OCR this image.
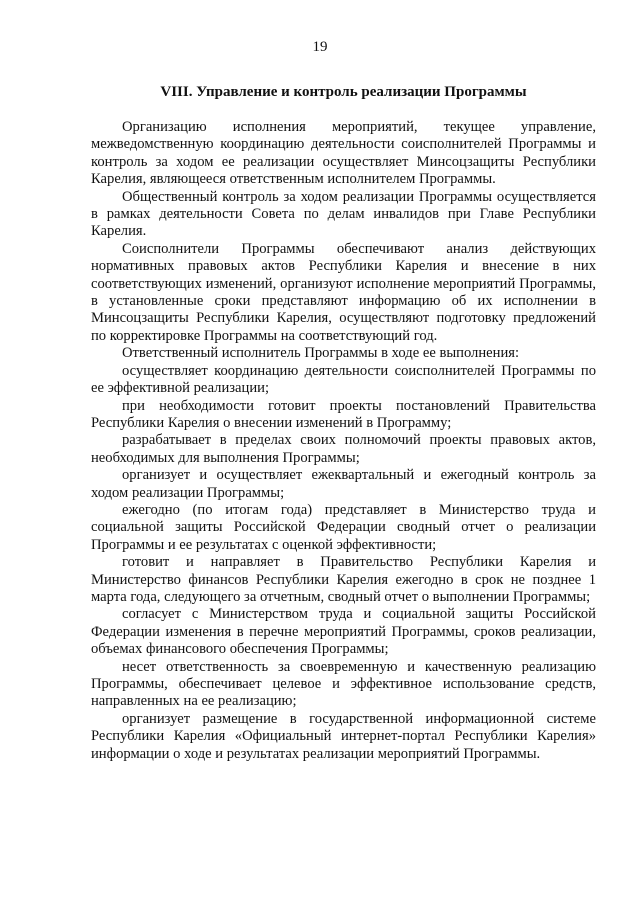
19
VIII. Управление и контроль реализации Программы

Организацию исполнения мероприятий, текущее управление, межведомственную координацию деятельности соисполнителей Программы и контроль за ходом ее реализации осуществляет Минсоцзащиты Республики Карелия, являющееся ответственным исполнителем Программы.

Общественный контроль за ходом реализации Программы осуществляется в рамках деятельности Совета по делам инвалидов при Главе Республики Карелия.

Соисполнители Программы обеспечивают анализ действующих нормативных правовых актов Республики Карелия и внесение в них соответствующих изменений, организуют исполнение мероприятий Программы, в установленные сроки представляют информацию об их исполнении в Минсоцзащиты Республики Карелия, осуществляют подготовку предложений по корректировке Программы на соответствующий год.

Ответственный исполнитель Программы в ходе ее выполнения:

осуществляет координацию деятельности соисполнителей Программы по ее эффективной реализации;

при необходимости готовит проекты постановлений Правительства Республики Карелия о внесении изменений в Программу;

разрабатывает в пределах своих полномочий проекты правовых актов, необходимых для выполнения Программы;

организует и осуществляет ежеквартальный и ежегодный контроль за ходом реализации Программы;

ежегодно (по итогам года) представляет в Министерство труда и социальной защиты Российской Федерации сводный отчет о реализации Программы и ее результатах с оценкой эффективности;

готовит и направляет в Правительство Республики Карелия и Министерство финансов Республики Карелия ежегодно в срок не позднее 1 марта года, следующего за отчетным, сводный отчет о выполнении Программы;

согласует с Министерством труда и социальной защиты Российской Федерации изменения в перечне мероприятий Программы, сроков реализации, объемах финансового обеспечения Программы;

несет ответственность за своевременную и качественную реализацию Программы, обеспечивает целевое и эффективное использование средств, направленных на ее реализацию;

организует размещение в государственной информационной системе Республики Карелия «Официальный интернет-портал Республики Карелия» информации о ходе и результатах реализации мероприятий Программы.
